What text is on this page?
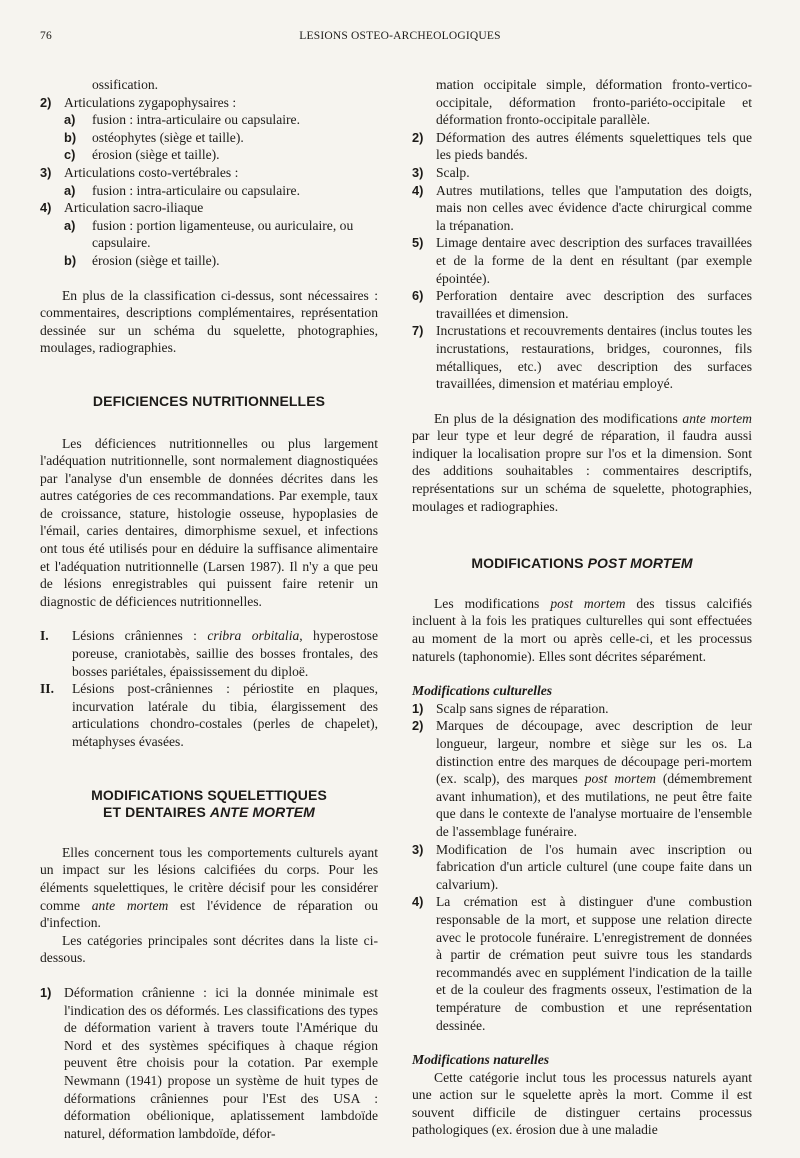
76	LESIONS OSTEO-ARCHEOLOGIQUES

ossification.

2) Articulations zygapophysaires :
a) fusion : intra-articulaire ou capsulaire.
b) ostéophytes (siège et taille).
c) érosion (siège et taille).
3) Articulations costo-vertébrales :
a) fusion : intra-articulaire ou capsulaire.
4) Articulation sacro-iliaque
a) fusion : portion ligamenteuse, ou auriculaire, ou capsulaire.
b) érosion (siège et taille).

En plus de la classification ci-dessus, sont nécessaires : commentaires, descriptions complémentaires, représentation dessinée sur un schéma du squelette, photographies, moulages, radiographies.

DEFICIENCES NUTRITIONNELLES

Les déficiences nutritionnelles ou plus largement l'adéquation nutritionnelle, sont normalement diagnostiquées par l'analyse d'un ensemble de données décrites dans les autres catégories de ces recommandations. Par exemple, taux de croissance, stature, histologie osseuse, hypoplasies de l'émail, caries dentaires, dimorphisme sexuel, et infections ont tous été utilisés pour en déduire la suffisance alimentaire et l'adéquation nutritionnelle (Larsen 1987). Il n'y a que peu de lésions enregistrables qui puissent faire retenir un diagnostic de déficiences nutritionnelles.

I. Lésions crâniennes : cribra orbitalia, hyperostose poreuse, craniotabès, saillie des bosses frontales, des bosses pariétales, épaississement du diploë.
II. Lésions post-crâniennes : périostite en plaques, incurvation latérale du tibia, élargissement des articulations chondro-costales (perles de chapelet), métaphyses évasées.
MODIFICATIONS SQUELETTIQUES
ET DENTAIRES ANTE MORTEM

Elles concernent tous les comportements culturels ayant un impact sur les lésions calcifiées du corps. Pour les éléments squelettiques, le critère décisif pour les considérer comme ante mortem est l'évidence de réparation ou d'infection.

Les catégories principales sont décrites dans la liste ci-dessous.

1) Déformation crânienne : ici la donnée minimale est l'indication des os déformés. Les classifications des types de déformation varient à travers toute l'Amérique du Nord et des systèmes spécifiques à chaque région peuvent être choisis pour la cotation. Par exemple Newmann (1941) propose un système de huit types de déformations crâniennes pour l'Est des USA : déformation obélionique, aplatissement lambdoïde naturel, déformation lambdoïde, défor-

mation occipitale simple, déformation fronto-vertico-occipitale, déformation fronto-pariéto-occipitale et déformation fronto-occipitale parallèle.

2) Déformation des autres éléments squelettiques tels que les pieds bandés.
3) Scalp.
4) Autres mutilations, telles que l'amputation des doigts, mais non celles avec évidence d'acte chirurgical comme la trépanation.
5) Limage dentaire avec description des surfaces travaillées et de la forme de la dent en résultant (par exemple épointée).
6) Perforation dentaire avec description des surfaces travaillées et dimension.
7) Incrustations et recouvrements dentaires (inclus toutes les incrustations, restaurations, bridges, couronnes, fils métalliques, etc.) avec description des surfaces travaillées, dimension et matériau employé.

En plus de la désignation des modifications ante mortem par leur type et leur degré de réparation, il faudra aussi indiquer la localisation propre sur l'os et la dimension. Sont des additions souhaitables : commentaires descriptifs, représentations sur un schéma de squelette, photographies, moulages et radiographies.

MODIFICATIONS POST MORTEM

Les modifications post mortem des tissus calcifiés incluent à la fois les pratiques culturelles qui sont effectuées au moment de la mort ou après celle-ci, et les processus naturels (taphonomie). Elles sont décrites séparément.

Modifications culturelles

1) Scalp sans signes de réparation.
2) Marques de découpage, avec description de leur longueur, largeur, nombre et siège sur les os. La distinction entre des marques de découpage peri-mortem (ex. scalp), des marques post mortem (démembrement avant inhumation), et des mutilations, ne peut être faite que dans le contexte de l'analyse mortuaire de l'ensemble de l'assemblage funéraire.
3) Modification de l'os humain avec inscription ou fabrication d'un article culturel (une coupe faite dans un calvarium).
4) La crémation est à distinguer d'une combustion responsable de la mort, et suppose une relation directe avec le protocole funéraire. L'enregistrement de données à partir de crémation peut suivre tous les standards recommandés avec en supplément l'indication de la taille et de la couleur des fragments osseux, l'estimation de la température de combustion et une représentation dessinée.

Modifications naturelles

Cette catégorie inclut tous les processus naturels ayant une action sur le squelette après la mort. Comme il est souvent difficile de distinguer certains processus pathologiques (ex. érosion due à une maladie
